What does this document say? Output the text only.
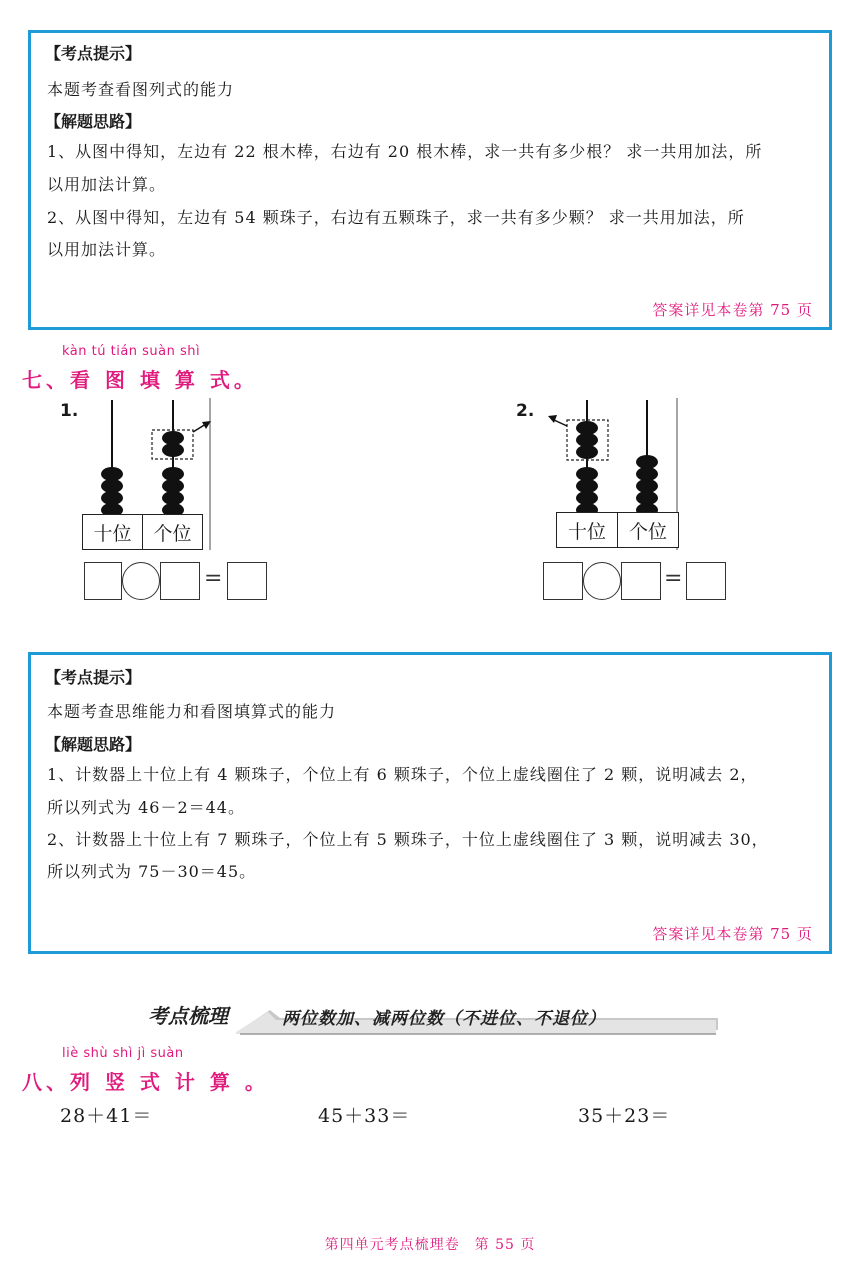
【考点提示】
本题考查看图列式的能力
【解题思路】
1、从图中得知，左边有 22 根木棒，右边有 20 根木棒，求一共有多少根？ 求一共用加法，所
以用加法计算。
2、从图中得知，左边有 54 颗珠子，右边有五颗珠子，求一共有多少颗？ 求一共用加法，所
以用加法计算。
答案详见本卷第 75 页
kàn tú tián suàn shì
七、看 图 填 算 式。
1.
十位	个位
=
2.
十位	个位
=
【考点提示】
本题考查思维能力和看图填算式的能力
【解题思路】
1、计数器上十位上有 4 颗珠子，个位上有 6 颗珠子，个位上虚线圈住了 2 颗，说明减去 2，
所以列式为 46－2＝44。
2、计数器上十位上有 7 颗珠子，个位上有 5 颗珠子，十位上虚线圈住了 3 颗，说明减去 30，
所以列式为 75－30＝45。
答案详见本卷第 75 页
考点梳理	两位数加、减两位数（不进位、不退位）
liè shù shì jì suàn
八、列 竖 式 计 算 。
28＋41＝	45＋33＝	35＋23＝
第四单元考点梳理卷　第 55 页
